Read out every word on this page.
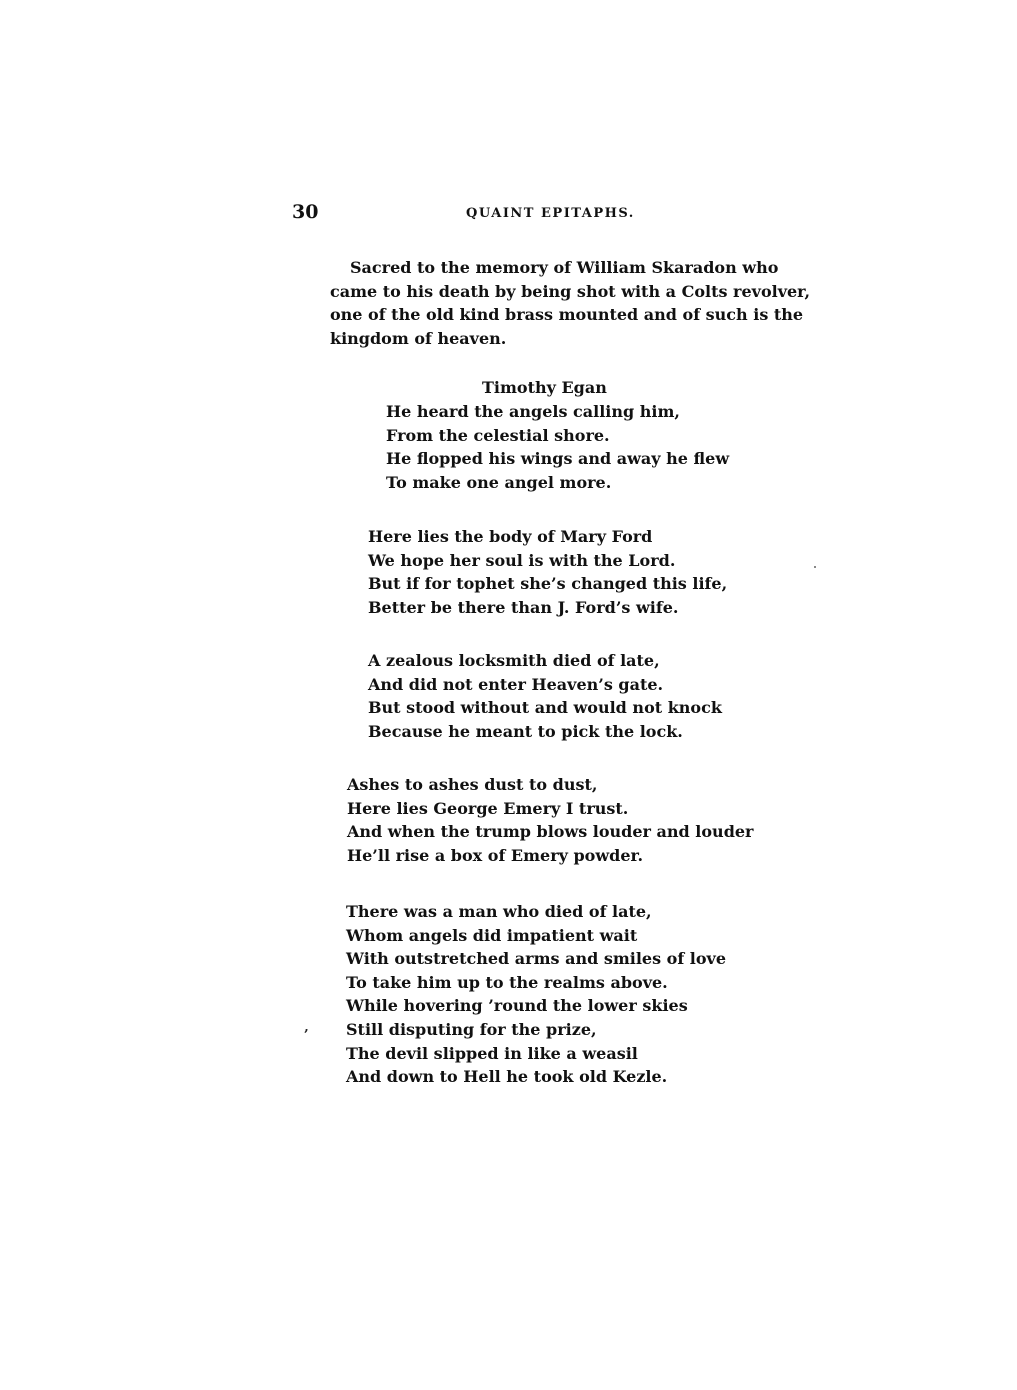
30	QUAINT EPITAPHS.
Sacred to the memory of William Skaradon who
came to his death by being shot with a Colts revolver,
one of the old kind brass mounted and of such is the
kingdom of heaven.
Timothy Egan
He heard the angels calling him,
From the celestial shore.
He flopped his wings and away he flew
To make one angel more.
Here lies the body of Mary Ford
We hope her soul is with the Lord.
But if for tophet she’s changed this life,
Better be there than J. Ford’s wife.
A zealous locksmith died of late,
And did not enter Heaven’s gate.
But stood without and would not knock
Because he meant to pick the lock.
Ashes to ashes dust to dust,
Here lies George Emery I trust.
And when the trump blows louder and louder
He’ll rise a box of Emery powder.
There was a man who died of late,
Whom angels did impatient wait
With outstretched arms and smiles of love
To take him up to the realms above.
While hovering ’round the lower skies
Still disputing for the prize,
The devil slipped in like a weasil
And down to Hell he took old Kezle.
‚
